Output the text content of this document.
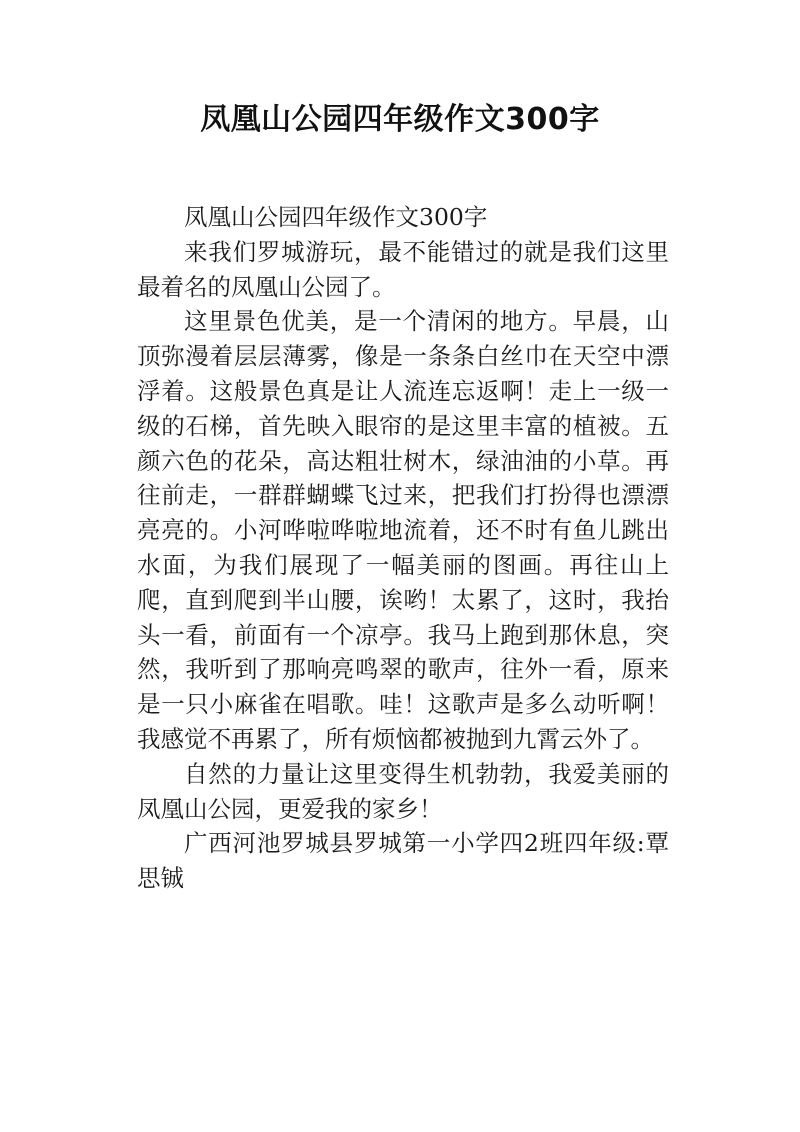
凤凰山公园四年级作文300字

凤凰山公园四年级作文300字

来我们罗城游玩，最不能错过的就是我们这里最着名的凤凰山公园了。

这里景色优美，是一个清闲的地方。早晨，山顶弥漫着层层薄雾，像是一条条白丝巾在天空中漂浮着。这般景色真是让人流连忘返啊！走上一级一级的石梯，首先映入眼帘的是这里丰富的植被。五颜六色的花朵，高达粗壮树木，绿油油的小草。再往前走，一群群蝴蝶飞过来，把我们打扮得也漂漂亮亮的。小河哗啦哗啦地流着，还不时有鱼儿跳出水面，为我们展现了一幅美丽的图画。再往山上爬，直到爬到半山腰，诶哟！太累了，这时，我抬头一看，前面有一个凉亭。我马上跑到那休息，突然，我听到了那响亮鸣翠的歌声，往外一看，原来是一只小麻雀在唱歌。哇！这歌声是多么动听啊！我感觉不再累了，所有烦恼都被抛到九霄云外了。

自然的力量让这里变得生机勃勃，我爱美丽的凤凰山公园，更爱我的家乡！

广西河池罗城县罗城第一小学四2班四年级:覃思铖
